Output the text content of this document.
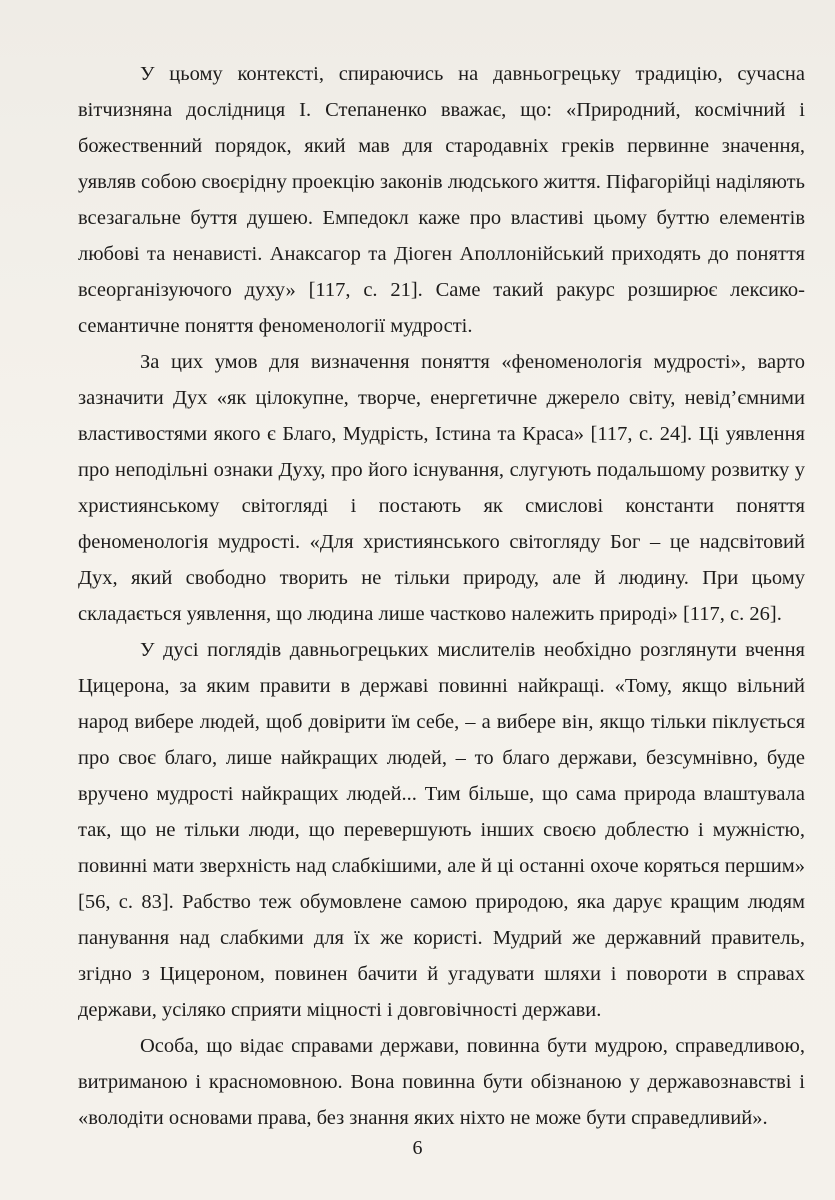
У цьому контексті, спираючись на давньогрецьку традицію, сучасна вітчизняна дослідниця І. Степаненко вважає, що: «Природний, космічний і божественний порядок, який мав для стародавніх греків первинне значення, уявляв собою своєрідну проекцію законів людського життя. Піфагорійці наділяють всезагальне буття душею. Емпедокл каже про властиві цьому буттю елементів любові та ненависті. Анаксагор та Діоген Аполлонійський приходять до поняття всеорганізуючого духу» [117, с. 21]. Саме такий ракурс розширює лексико-семантичне поняття феноменології мудрості.

За цих умов для визначення поняття «феноменологія мудрості», варто зазначити Дух «як цілокупне, творче, енергетичне джерело світу, невід’ємними властивостями якого є Благо, Мудрість, Істина та Краса» [117, с. 24]. Ці уявлення про неподільні ознаки Духу, про його існування, слугують подальшому розвитку у християнському світогляді і постають як смислові константи поняття феноменологія мудрості. «Для християнського світогляду Бог – це надсвітовий Дух, який свободно творить не тільки природу, але й людину. При цьому складається уявлення, що людина лише частково належить природі» [117, с. 26].

У дусі поглядів давньогрецьких мислителів необхідно розглянути вчення Цицерона, за яким правити в державі повинні найкращі. «Тому, якщо вільний народ вибере людей, щоб довірити їм себе, – а вибере він, якщо тільки піклується про своє благо, лише найкращих людей, – то благо держави, безсумнівно, буде вручено мудрості найкращих людей... Тим більше, що сама природа влаштувала так, що не тільки люди, що перевершують інших своєю доблестю і мужністю, повинні мати зверхність над слабкішими, але й ці останні охоче коряться першим» [56, с. 83]. Рабство теж обумовлене самою природою, яка дарує кращим людям панування над слабкими для їх же користі. Мудрий же державний правитель, згідно з Цицероном, повинен бачити й угадувати шляхи і повороти в справах держави, усіляко сприяти міцності і довговічності держави.

Особа, що відає справами держави, повинна бути мудрою, справедливою, витриманою і красномовною. Вона повинна бути обізнаною у державознавстві і «володіти основами права, без знання яких ніхто не може бути справедливий».

6
